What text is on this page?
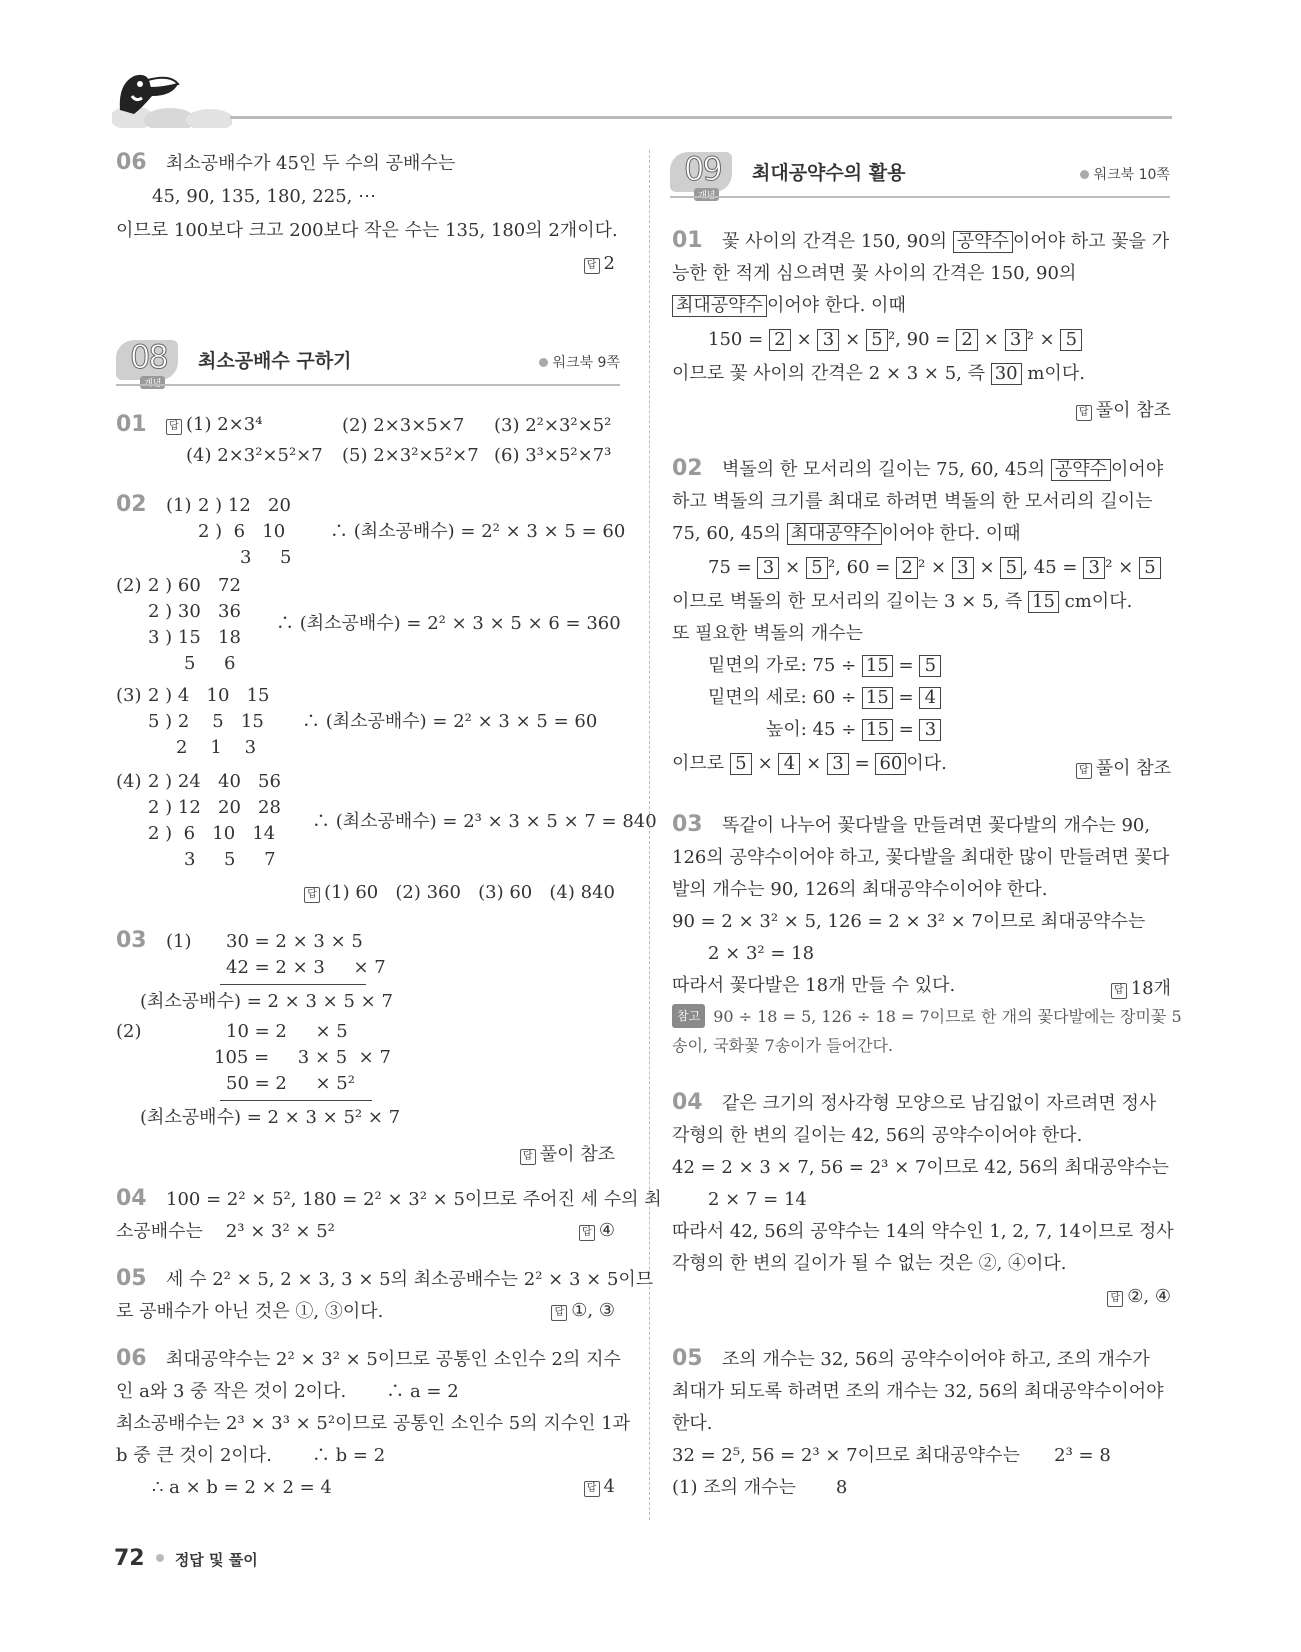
06 최소공배수가 45인 두 수의 공배수는
45, 90, 135, 180, 225, ⋯
이므로 100보다 크고 200보다 작은 수는 135, 180의 2개이다.
답 2
08 최소공배수 구하기	워크북 9쪽
01	답 (1) 2×3⁴	(2) 2×3×5×7 (3) 2²×3²×5²
(4) 2×3²×5²×7 (5) 2×3²×5²×7 (6) 3³×5²×7³
02 (1) 2 ) 12   20
2 )  6   10
3     5
∴ (최소공배수) = 2² × 3 × 5 = 60
(2) 2 ) 60   72
2 ) 30   36
3 ) 15   18
5     6
∴ (최소공배수) = 2² × 3 × 5 × 6 = 360
(3) 2 ) 4   10   15
5 ) 2    5   15
2    1    3
∴ (최소공배수) = 2² × 3 × 5 = 60
(4) 2 ) 24   40   56
2 ) 12   20   28
2 )  6   10   14
3     5     7
∴ (최소공배수) = 2³ × 3 × 5 × 7 = 840
답 (1) 60   (2) 360   (3) 60   (4) 840
03 (1) 30 = 2 × 3 × 5
42 = 2 × 3     × 7
(최소공배수) = 2 × 3 × 5 × 7
(2)	10 = 2     × 5
105 =     3 × 5  × 7
50 = 2     × 5²
(최소공배수) = 2 × 3 × 5² × 7
답 풀이 참조
04 100 = 2² × 5², 180 = 2² × 3² × 5이므로 주어진 세 수의 최
소공배수는    2³ × 3² × 5²	답 ④
05 세 수 2² × 5, 2 × 3, 3 × 5의 최소공배수는 2² × 3 × 5이므
로 공배수가 아닌 것은 ①, ③이다.	답 ①, ③
06 최대공약수는 2² × 3² × 5이므로 공통인 소인수 2의 지수
인 a와 3 중 작은 것이 2이다.       ∴ a = 2
최소공배수는 2³ × 3³ × 5²이므로 공통인 소인수 5의 지수인 1과
b 중 큰 것이 2이다.       ∴ b = 2
∴ a × b = 2 × 2 = 4	답 4
09 최대공약수의 활용	워크북 10쪽
01 꽃 사이의 간격은 150, 90의 공약수 이어야 하고 꽃을 가
능한 한 적게 심으려면 꽃 사이의 간격은 150, 90의
최대공약수 이어야 한다. 이때
150 = 2 × 3 × 5 ², 90 = 2 × 3 ² × 5
이므로 꽃 사이의 간격은 2 × 3 × 5, 즉 30 m이다.
답 풀이 참조
02 벽돌의 한 모서리의 길이는 75, 60, 45의 공약수 이어야
하고 벽돌의 크기를 최대로 하려면 벽돌의 한 모서리의 길이는
75, 60, 45의 최대공약수 이어야 한다. 이때
75 = 3 × 5 ², 60 = 2 ² × 3 × 5 , 45 = 3 ² × 5
이므로 벽돌의 한 모서리의 길이는 3 × 5, 즉 15 cm이다.
또 필요한 벽돌의 개수는
밑면의 가로: 75 ÷ 15 = 5
밑면의 세로: 60 ÷ 15 = 4
높이: 45 ÷ 15 = 3
이므로 5 × 4 × 3 = 60 이다.	답 풀이 참조
03 똑같이 나누어 꽃다발을 만들려면 꽃다발의 개수는 90,
126의 공약수이어야 하고, 꽃다발을 최대한 많이 만들려면 꽃다
발의 개수는 90, 126의 최대공약수이어야 한다.
90 = 2 × 3² × 5, 126 = 2 × 3² × 7이므로 최대공약수는
2 × 3² = 18
따라서 꽃다발은 18개 만들 수 있다.	답 18개
참고 90 ÷ 18 = 5, 126 ÷ 18 = 7이므로 한 개의 꽃다발에는 장미꽃 5
송이, 국화꽃 7송이가 들어간다.
04 같은 크기의 정사각형 모양으로 남김없이 자르려면 정사
각형의 한 변의 길이는 42, 56의 공약수이어야 한다.
42 = 2 × 3 × 7, 56 = 2³ × 7이므로 42, 56의 최대공약수는
2 × 7 = 14
따라서 42, 56의 공약수는 14의 약수인 1, 2, 7, 14이므로 정사
각형의 한 변의 길이가 될 수 없는 것은 ②, ④이다.
답 ②, ④
05 조의 개수는 32, 56의 공약수이어야 하고, 조의 개수가
최대가 되도록 하려면 조의 개수는 32, 56의 최대공약수이어야
한다.
32 = 2⁵, 56 = 2³ × 7이므로 최대공약수는      2³ = 8
(1) 조의 개수는       8
72 정답 및 풀이
